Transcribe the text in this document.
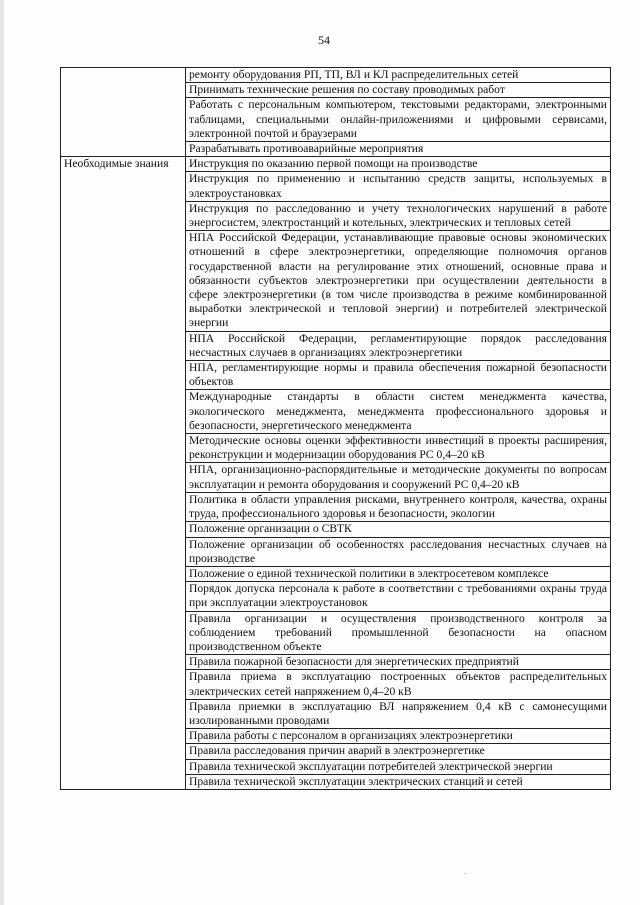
54
	ремонту оборудования РП, ТП, ВЛ и КЛ распределительных сетей
	Принимать технические решения по составу проводимых работ
	Работать с персональным компьютером, текстовыми редакторами, электронными таблицами, специальными онлайн-приложениями и цифровыми сервисами, электронной почтой и браузерами
	Разрабатывать противоаварийные мероприятия
Необходимые знания	Инструкция по оказанию первой помощи на производстве
	Инструкция по применению и испытанию средств защиты, используемых в электроустановках
	Инструкция по расследованию и учету технологических нарушений в работе энергосистем, электростанций и котельных, электрических и тепловых сетей
	НПА Российской Федерации, устанавливающие правовые основы экономических отношений в сфере электроэнергетики, определяющие полномочия органов государственной власти на регулирование этих отношений, основные права и обязанности субъектов электроэнергетики при осуществлении деятельности в сфере электроэнергетики (в том числе производства в режиме комбинированной выработки электрической и тепловой энергии) и потребителей электрической энергии
	НПА Российской Федерации, регламентирующие порядок расследования несчастных случаев в организациях электроэнергетики
	НПА, регламентирующие нормы и правила обеспечения пожарной безопасности объектов
	Международные стандарты в области систем менеджмента качества, экологического менеджмента, менеджмента профессионального здоровья и безопасности, энергетического менеджмента
	Методические основы оценки эффективности инвестиций в проекты расширения, реконструкции и модернизации оборудования РС 0,4–20 кВ
	НПА, организационно-распорядительные и методические документы по вопросам эксплуатации и ремонта оборудования и сооружений РС 0,4–20 кВ
	Политика в области управления рисками, внутреннего контроля, качества, охраны труда, профессионального здоровья и безопасности, экологии
	Положение организации о СВТК
	Положение организации об особенностях расследования несчастных случаев на производстве
	Положение о единой технической политики в электросетевом комплексе
	Порядок допуска персонала к работе в соответствии с требованиями охраны труда при эксплуатации электроустановок
	Правила организации и осуществления производственного контроля за соблюдением требований промышленной безопасности на опасном производственном объекте
	Правила пожарной безопасности для энергетических предприятий
	Правила приема в эксплуатацию построенных объектов распределительных электрических сетей напряжением 0,4–20 кВ
	Правила приемки в эксплуатацию ВЛ напряжением 0,4 кВ с самонесущими изолированными проводами
	Правила работы с персоналом в организациях электроэнергетики
	Правила расследования причин аварий в электроэнергетике
	Правила технической эксплуатации потребителей электрической энергии
	Правила технической эксплуатации электрических станций и сетей
.
